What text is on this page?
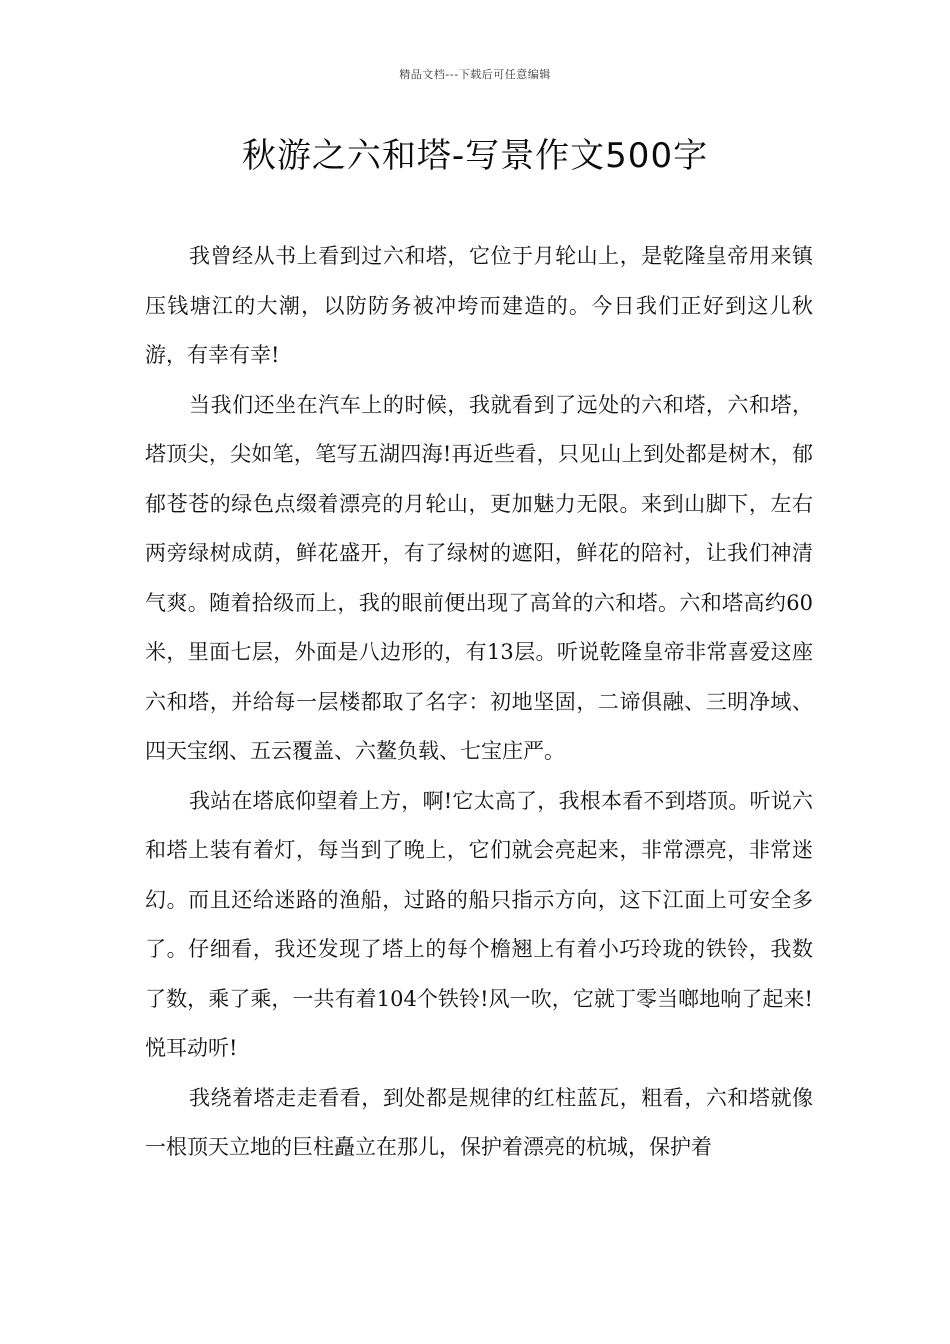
精品文档---下载后可任意编辑
秋游之六和塔-写景作文500字

我曾经从书上看到过六和塔，它位于月轮山上，是乾隆皇帝用来镇压钱塘江的大潮，以防防务被冲垮而建造的。今日我们正好到这儿秋游，有幸有幸!

当我们还坐在汽车上的时候，我就看到了远处的六和塔，六和塔，塔顶尖，尖如笔，笔写五湖四海!再近些看，只见山上到处都是树木，郁郁苍苍的绿色点缀着漂亮的月轮山，更加魅力无限。来到山脚下，左右两旁绿树成荫，鲜花盛开，有了绿树的遮阳，鲜花的陪衬，让我们神清气爽。随着拾级而上，我的眼前便出现了高耸的六和塔。六和塔高约60米，里面七层，外面是八边形的，有13层。听说乾隆皇帝非常喜爱这座六和塔，并给每一层楼都取了名字：初地坚固，二谛俱融、三明净域、四天宝纲、五云覆盖、六鳌负载、七宝庄严。

我站在塔底仰望着上方，啊!它太高了，我根本看不到塔顶。听说六和塔上装有着灯，每当到了晚上，它们就会亮起来，非常漂亮，非常迷幻。而且还给迷路的渔船，过路的船只指示方向，这下江面上可安全多了。仔细看，我还发现了塔上的每个檐翘上有着小巧玲珑的铁铃，我数了数，乘了乘，一共有着104个铁铃!风一吹，它就丁零当啷地响了起来!悦耳动听!

我绕着塔走走看看，到处都是规律的红柱蓝瓦，粗看，六和塔就像一根顶天立地的巨柱矗立在那儿，保护着漂亮的杭城，保护着
